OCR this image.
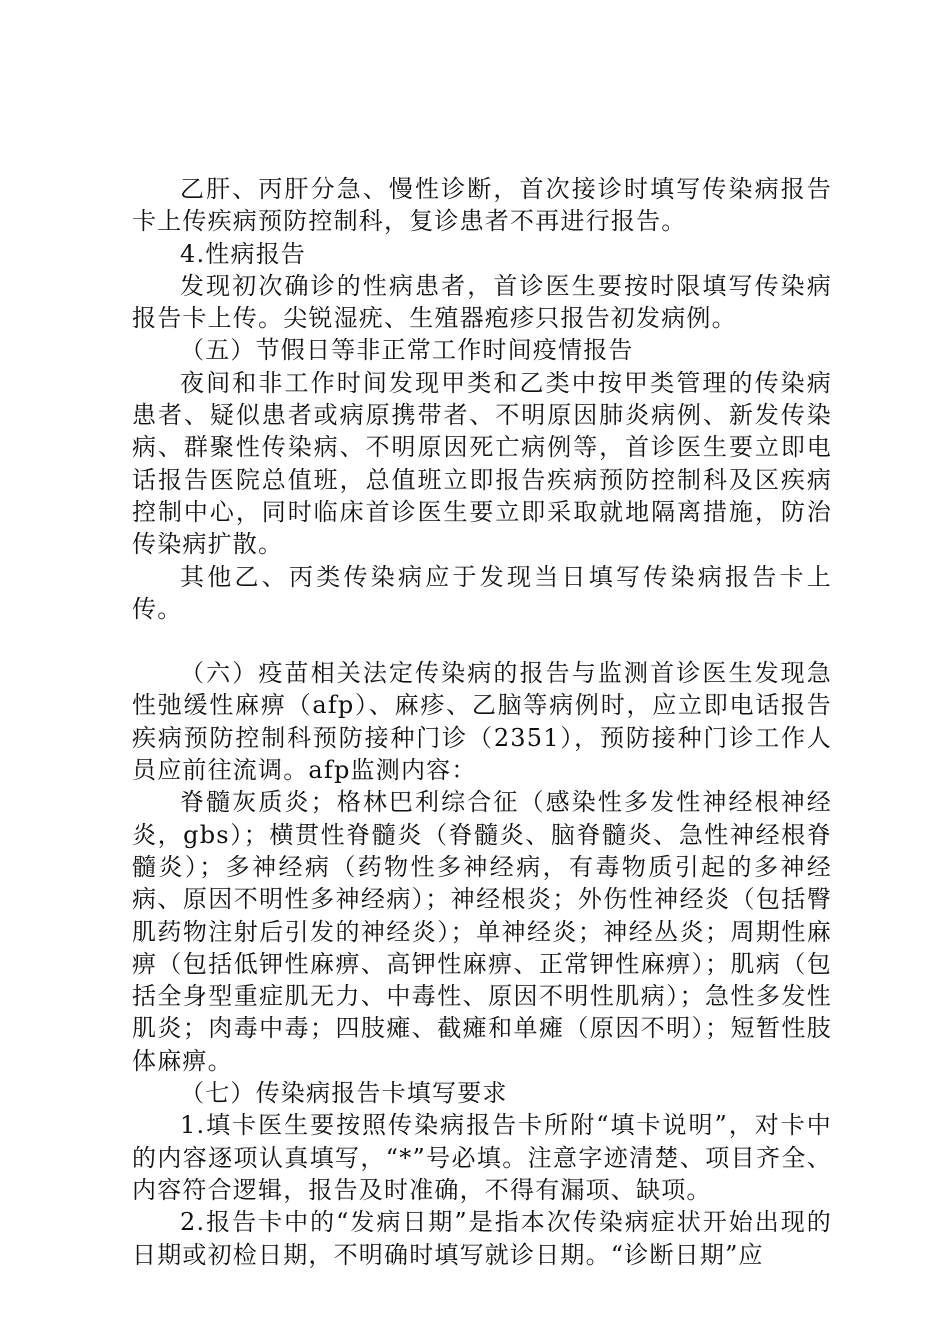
乙肝、丙肝分急、慢性诊断，首次接诊时填写传染病报告卡上传疾病预防控制科，复诊患者不再进行报告。

4.性病报告

发现初次确诊的性病患者，首诊医生要按时限填写传染病报告卡上传。尖锐湿疣、生殖器疱疹只报告初发病例。

（五）节假日等非正常工作时间疫情报告

夜间和非工作时间发现甲类和乙类中按甲类管理的传染病患者、疑似患者或病原携带者、不明原因肺炎病例、新发传染病、群聚性传染病、不明原因死亡病例等，首诊医生要立即电话报告医院总值班，总值班立即报告疾病预防控制科及区疾病控制中心，同时临床首诊医生要立即采取就地隔离措施，防治传染病扩散。

其他乙、丙类传染病应于发现当日填写传染病报告卡上传。

（六）疫苗相关法定传染病的报告与监测首诊医生发现急性弛缓性麻痹（afp）、麻疹、乙脑等病例时，应立即电话报告疾病预防控制科预防接种门诊（2351），预防接种门诊工作人员应前往流调。afp监测内容：

脊髓灰质炎；格林巴利综合征（感染性多发性神经根神经炎，gbs）；横贯性脊髓炎（脊髓炎、脑脊髓炎、急性神经根脊髓炎）；多神经病（药物性多神经病，有毒物质引起的多神经病、原因不明性多神经病）；神经根炎；外伤性神经炎（包括臀肌药物注射后引发的神经炎）；单神经炎；神经丛炎；周期性麻痹（包括低钾性麻痹、高钾性麻痹、正常钾性麻痹）；肌病（包括全身型重症肌无力、中毒性、原因不明性肌病）；急性多发性肌炎；肉毒中毒；四肢瘫、截瘫和单瘫（原因不明）；短暂性肢体麻痹。

（七）传染病报告卡填写要求

1.填卡医生要按照传染病报告卡所附“填卡说明”，对卡中的内容逐项认真填写，“*”号必填。注意字迹清楚、项目齐全、内容符合逻辑，报告及时准确，不得有漏项、缺项。

2.报告卡中的“发病日期”是指本次传染病症状开始出现的日期或初检日期，不明确时填写就诊日期。“诊断日期”应
